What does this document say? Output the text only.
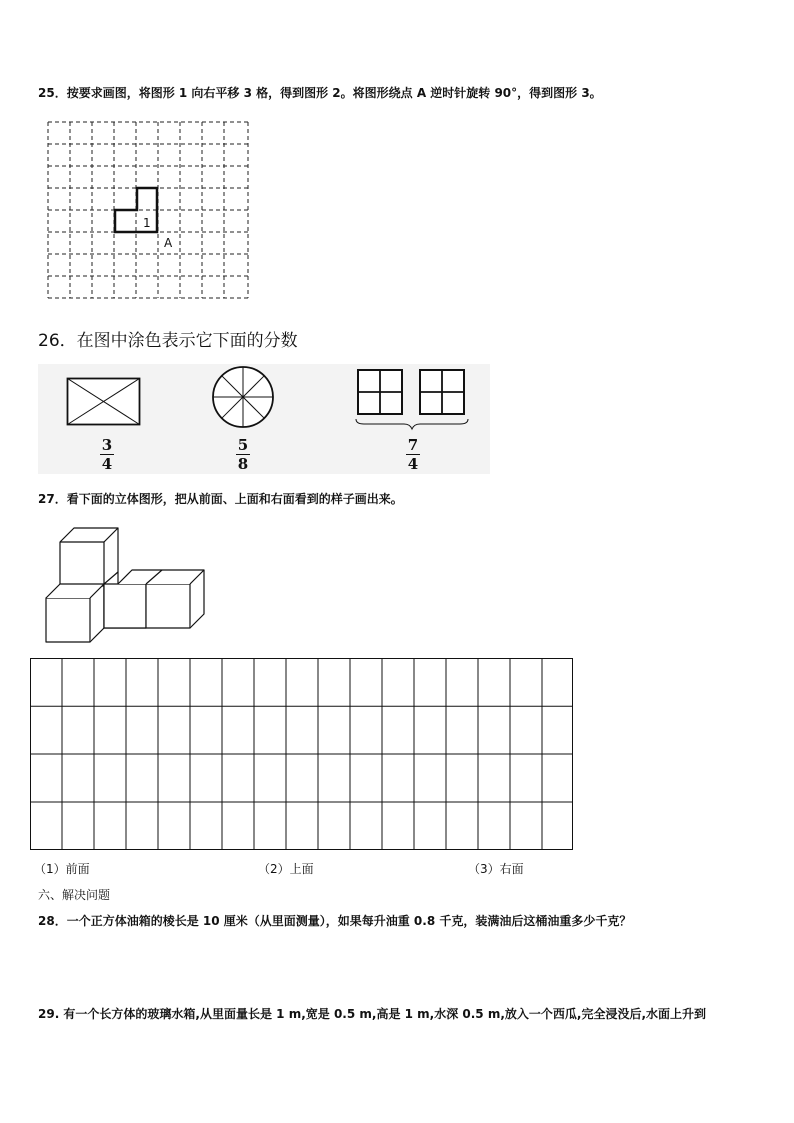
25．按要求画图，将图形 1 向右平移 3 格，得到图形 2。将图形绕点 A 逆时针旋转 90°，得到图形 3。
1
A
26．在图中涂色表示它下面的分数
3
4
5
8
7
4
27．看下面的立体图形，把从前面、上面和右面看到的样子画出来。
（1）前面	（2）上面	（3）右面
六、解决问题
28．一个正方体油箱的棱长是 10 厘米（从里面测量），如果每升油重 0.8 千克，装满油后这桶油重多少千克？
29. 有一个长方体的玻璃水箱,从里面量长是 1 m,宽是 0.5 m,高是 1 m,水深 0.5 m,放入一个西瓜,完全浸没后,水面上升到
